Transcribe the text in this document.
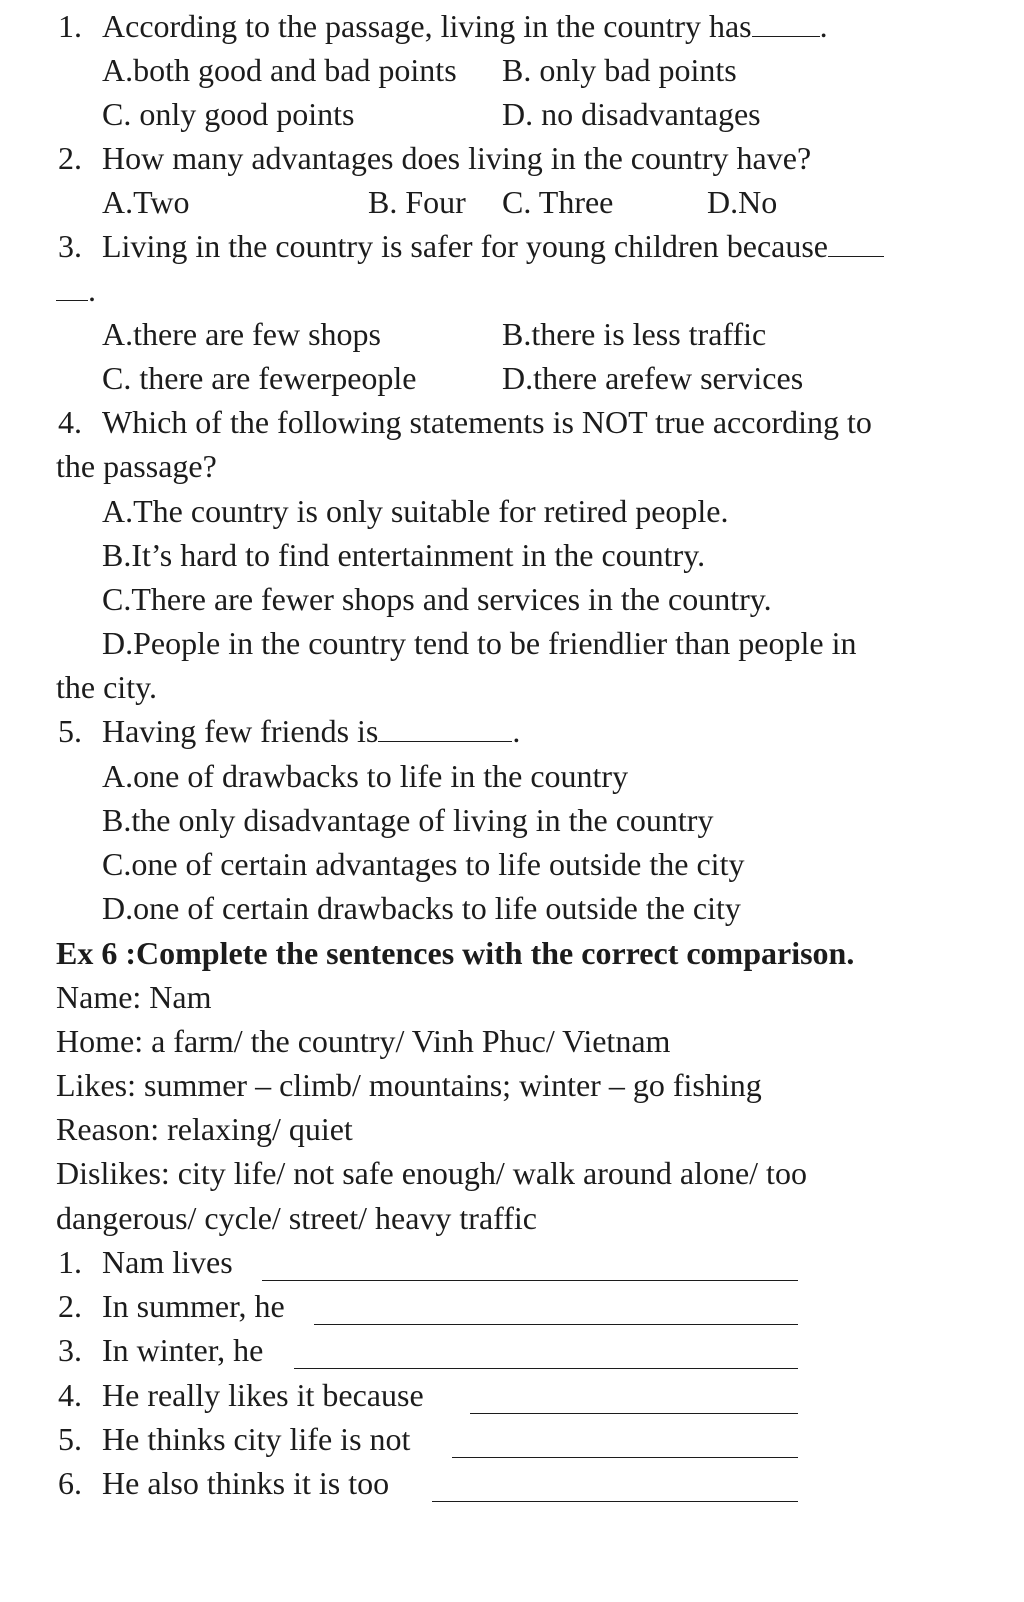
1. According to the passage, living in the country has .
A.both good and bad points B. only bad points
C. only good points	D. no disadvantages
2. How many advantages does living in the country have?
A.Two	B. Four C. Three	D.No
3. Living in the country is safer for young children because
.
A.there are few shops	B.there is less traffic
C. there are fewerpeople	D.there arefew services
4. Which of the following statements is NOT true according to
the passage?
A.The country is only suitable for retired people.
B.It’s hard to find entertainment in the country.
C.There are fewer shops and services in the country.
D.People in the country tend to be friendlier than people in
the city.
5. Having few friends is	.
A.one of drawbacks to life in the country
B.the only disadvantage of living in the country
C.one of certain advantages to life outside the city
D.one of certain drawbacks to life outside the city
Ex 6 :Complete the sentences with the correct comparison.
Name: Nam
Home: a farm/ the country/ Vinh Phuc/ Vietnam
Likes: summer – climb/ mountains; winter – go fishing
Reason: relaxing/ quiet
Dislikes: city life/ not safe enough/ walk around alone/ too
dangerous/ cycle/ street/ heavy traffic
1. Nam lives
2. In summer, he
3. In winter, he
4. He really likes it because
5. He thinks city life is not
6. He also thinks it is too
